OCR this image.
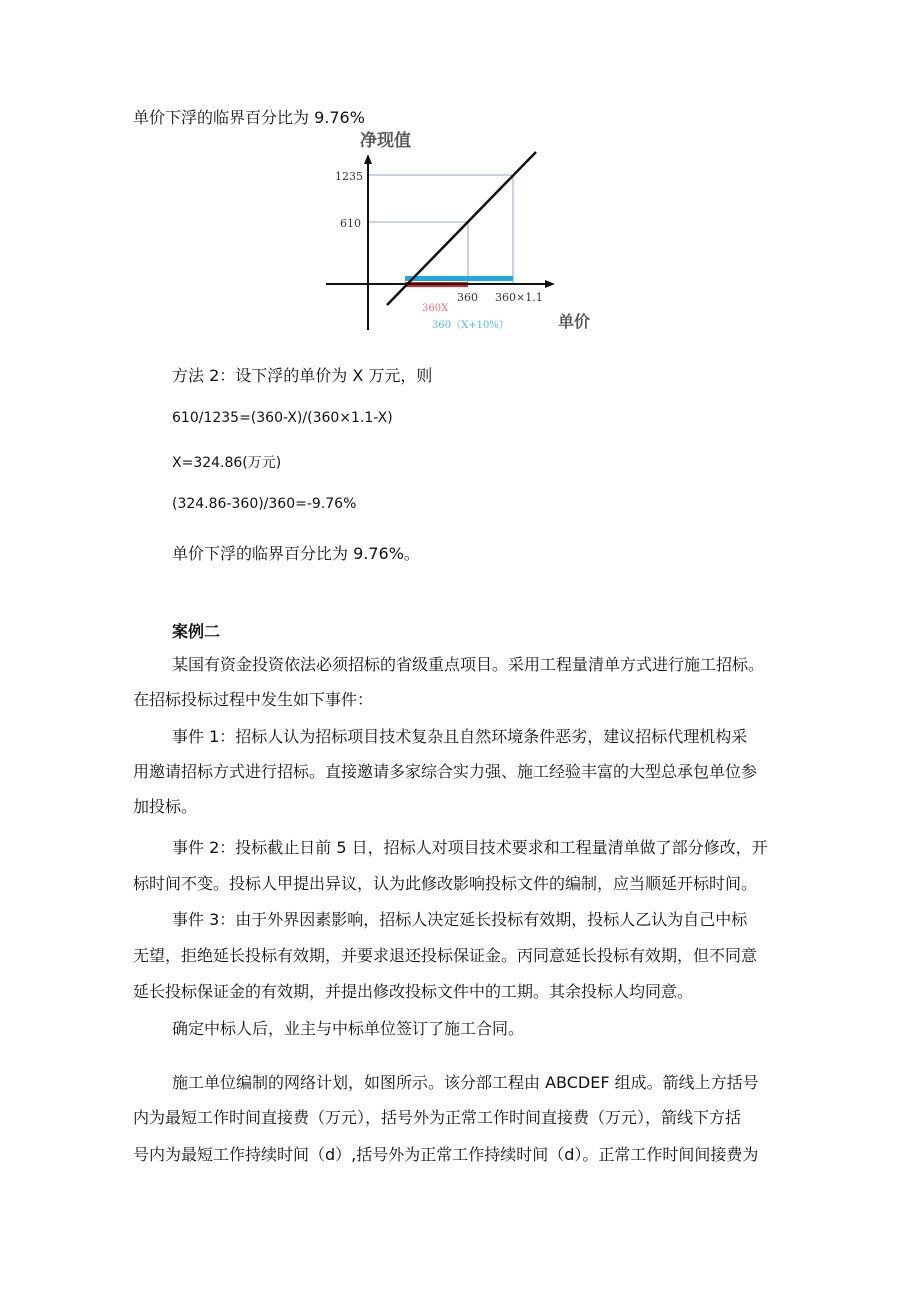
单价下浮的临界百分比为 9.76%
净现值
1235
610
360 360×1.1
360X
360（X+10%）	单价
方法 2：设下浮的单价为 X 万元，则
610/1235=(360-X)/(360×1.1-X)
X=324.86(万元)
(324.86-360)/360=-9.76%
单价下浮的临界百分比为 9.76%。
案例二
某国有资金投资依法必须招标的省级重点项目。采用工程量清单方式进行施工招标。
在招标投标过程中发生如下事件：
事件 1：招标人认为招标项目技术复杂且自然环境条件恶劣，建议招标代理机构采
用邀请招标方式进行招标。直接邀请多家综合实力强、施工经验丰富的大型总承包单位参
加投标。
事件 2：投标截止日前 5 日，招标人对项目技术要求和工程量清单做了部分修改，开
标时间不变。投标人甲提出异议，认为此修改影响投标文件的编制，应当顺延开标时间。
事件 3：由于外界因素影响，招标人决定延长投标有效期，投标人乙认为自己中标
无望，拒绝延长投标有效期，并要求退还投标保证金。丙同意延长投标有效期，但不同意
延长投标保证金的有效期，并提出修改投标文件中的工期。其余投标人均同意。
确定中标人后，业主与中标单位签订了施工合同。
施工单位编制的网络计划，如图所示。该分部工程由 ABCDEF 组成。箭线上方括号
内为最短工作时间直接费（万元），括号外为正常工作时间直接费（万元），箭线下方括
号内为最短工作持续时间（d）,括号外为正常工作持续时间（d）。正常工作时间间接费为
